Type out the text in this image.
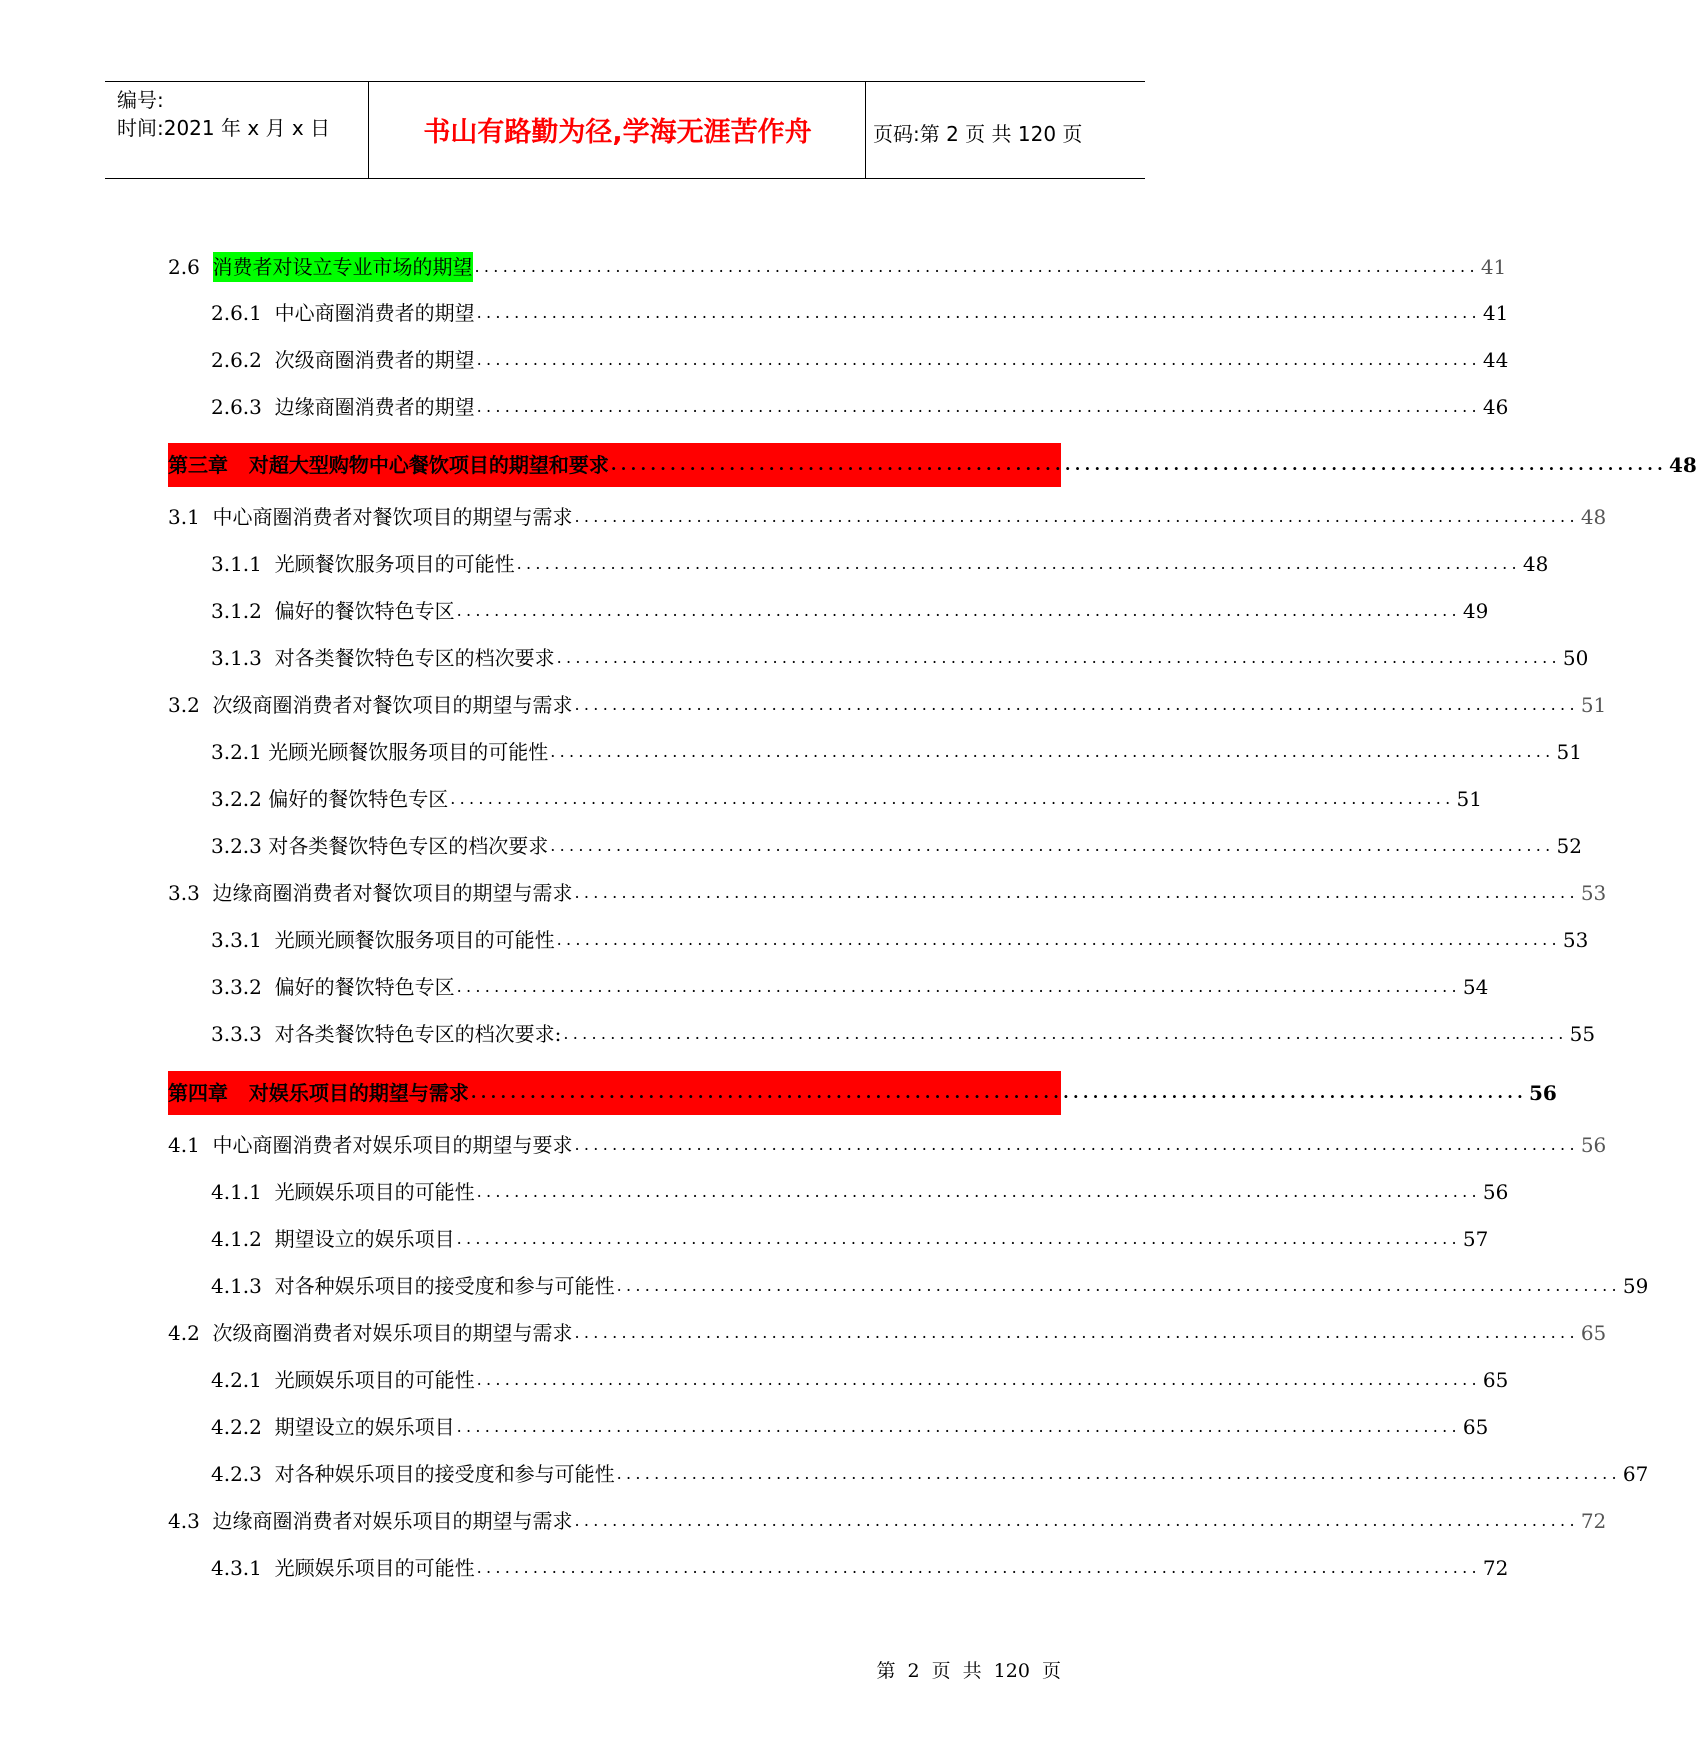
编号:
时间:2021 年 x 月 x 日	书山有路勤为径,学海无涯苦作舟	页码:第 2 页 共 120 页
2.6 消费者对设立专业市场的期望 ........................................................................................................... 41
2.6.1  中心商圈消费者的期望 ........................................................................................................... 41
2.6.2  次级商圈消费者的期望 ........................................................................................................... 44
2.6.3  边缘商圈消费者的期望 ........................................................................................................... 46
第三章   对超大型购物中心餐饮项目的期望和要求 ........................................................................................................... 48
3.1  中心商圈消费者对餐饮项目的期望与需求 ........................................................................................................... 48
3.1.1  光顾餐饮服务项目的可能性 ........................................................................................................... 48
3.1.2  偏好的餐饮特色专区 ........................................................................................................... 49
3.1.3  对各类餐饮特色专区的档次要求 ........................................................................................................... 50
3.2  次级商圈消费者对餐饮项目的期望与需求 ........................................................................................................... 51
3.2.1 光顾光顾餐饮服务项目的可能性 ........................................................................................................... 51
3.2.2 偏好的餐饮特色专区 ........................................................................................................... 51
3.2.3 对各类餐饮特色专区的档次要求 ........................................................................................................... 52
3.3  边缘商圈消费者对餐饮项目的期望与需求 ........................................................................................................... 53
3.3.1  光顾光顾餐饮服务项目的可能性 ........................................................................................................... 53
3.3.2  偏好的餐饮特色专区 ........................................................................................................... 54
3.3.3  对各类餐饮特色专区的档次要求: ........................................................................................................... 55
第四章   对娱乐项目的期望与需求 ........................................................................................................... 56
4.1  中心商圈消费者对娱乐项目的期望与要求 ........................................................................................................... 56
4.1.1  光顾娱乐项目的可能性 ........................................................................................................... 56
4.1.2  期望设立的娱乐项目 ........................................................................................................... 57
4.1.3  对各种娱乐项目的接受度和参与可能性 ........................................................................................................... 59
4.2  次级商圈消费者对娱乐项目的期望与需求 ........................................................................................................... 65
4.2.1  光顾娱乐项目的可能性 ........................................................................................................... 65
4.2.2  期望设立的娱乐项目 ........................................................................................................... 65
4.2.3  对各种娱乐项目的接受度和参与可能性 ........................................................................................................... 67
4.3  边缘商圈消费者对娱乐项目的期望与需求 ........................................................................................................... 72
4.3.1  光顾娱乐项目的可能性 ........................................................................................................... 72
第 2 页 共 120 页
